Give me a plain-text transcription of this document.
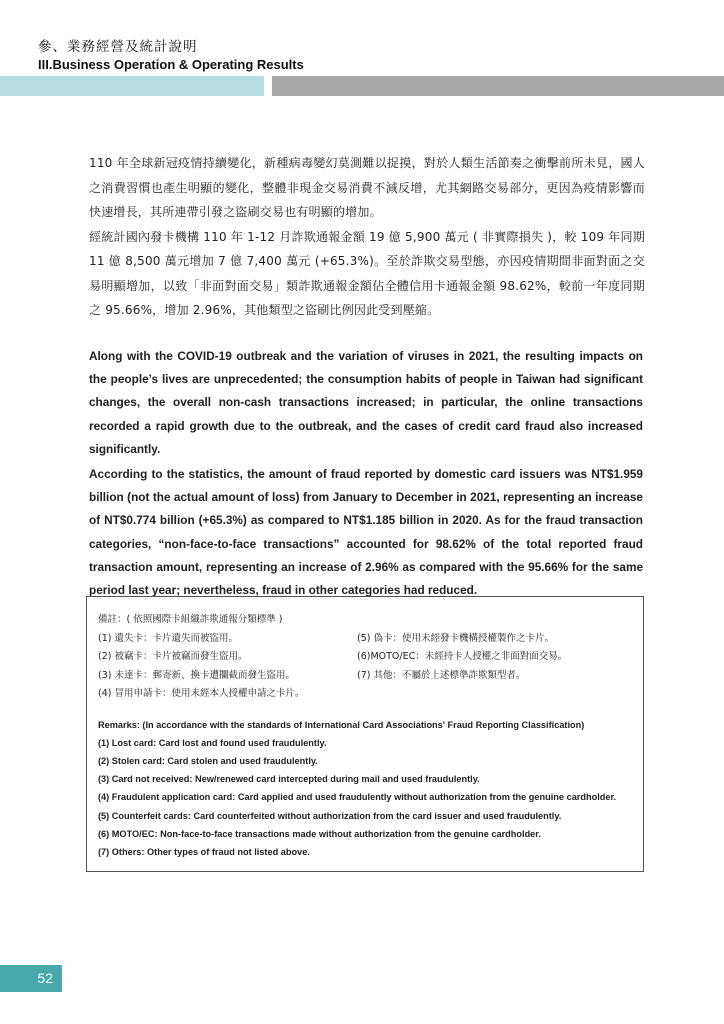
參、業務經營及統計說明
III.Business Operation & Operating Results

110 年全球新冠疫情持續變化，新種病毒變幻莫測難以捉摸，對於人類生活節奏之衝擊前所未見，國人之消費習慣也產生明顯的變化，整體非現金交易消費不減反增，尤其網路交易部分，更因為疫情影響而快速增長，其所連帶引發之盜刷交易也有明顯的增加。

經統計國內發卡機構 110 年 1-12 月詐欺通報金額 19 億 5,900 萬元 ( 非實際損失 )，較 109 年同期 11 億 8,500 萬元增加 7 億 7,400 萬元 (+65.3%)。至於詐欺交易型態，亦因疫情期間非面對面之交易明顯增加，以致「非面對面交易」類詐欺通報金額佔全體信用卡通報金額 98.62%，較前一年度同期之 95.66%，增加 2.96%，其他類型之盜刷比例因此受到壓縮。

Along with the COVID-19 outbreak and the variation of viruses in 2021, the resulting impacts on the people’s lives are unprecedented; the consumption habits of people in Taiwan had significant changes, the overall non-cash transactions increased; in particular, the online transactions recorded a rapid growth due to the outbreak, and the cases of credit card fraud also increased significantly.

According to the statistics, the amount of fraud reported by domestic card issuers was NT$1.959 billion (not the actual amount of loss) from January to December in 2021, representing an increase of NT$0.774 billion (+65.3%) as compared to NT$1.185 billion in 2020. As for the fraud transaction categories, “non-face-to-face transactions” accounted for 98.62% of the total reported fraud transaction amount, representing an increase of 2.96% as compared with the 95.66% for the same period last year; nevertheless, fraud in other categories had reduced.

備註：( 依照國際卡組織詐欺通報分類標準 )
(1) 遺失卡：卡片遺失而被盜用。	(5) 偽卡：使用未經發卡機構授權製作之卡片。
(2) 被竊卡：卡片被竊而發生盜用。	(6)MOTO/EC：未經持卡人授權之非面對面交易。
(3) 未達卡：郵寄新、換卡遭攔截而發生盜用。	(7) 其他：不屬於上述標準詐欺類型者。
(4) 冒用申請卡：使用未經本人授權申請之卡片。
Remarks: (In accordance with the standards of International Card Associations' Fraud Reporting Classification)
(1) Lost card: Card lost and found used fraudulently.
(2) Stolen card: Card stolen and used fraudulently.
(3) Card not received: New/renewed card intercepted during mail and used fraudulently.
(4) Fraudulent application card: Card applied and used fraudulently without authorization from the genuine cardholder.
(5) Counterfeit cards: Card counterfeited without authorization from the card issuer and used fraudulently.
(6) MOTO/EC: Non-face-to-face transactions made without authorization from the genuine cardholder.
(7) Others: Other types of fraud not listed above.
52
